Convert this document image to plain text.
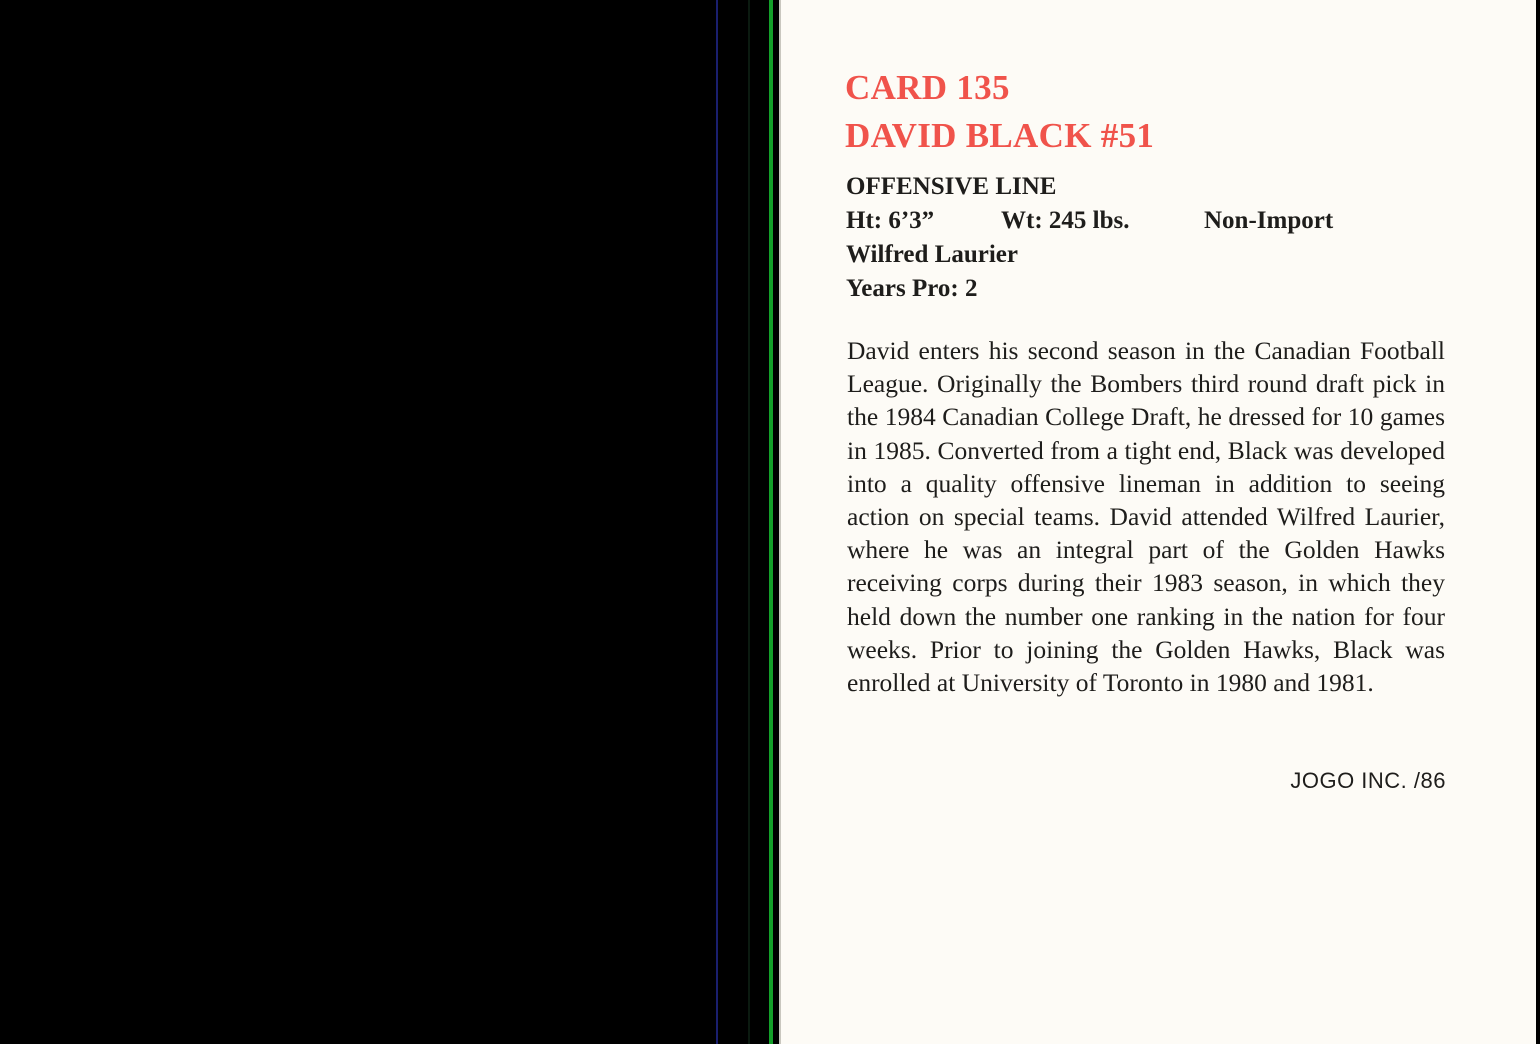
CARD 135
DAVID BLACK #51
OFFENSIVE LINE
Ht: 6’3”	Wt: 245 lbs.	Non-Import
Wilfred Laurier
Years Pro: 2

David enters his second season in the Canadian Football League. Originally the Bombers third round draft pick in the 1984 Canadian College Draft, he dressed for 10 games in 1985. Converted from a tight end, Black was developed into a quality offensive lineman in addition to seeing action on special teams. David attended Wilfred Laurier, where he was an integral part of the Golden Hawks receiving corps during their 1983 season, in which they held down the number one ranking in the nation for four weeks. Prior to joining the Golden Hawks, Black was enrolled at University of Toronto in 1980 and 1981.

JOGO INC. /86
